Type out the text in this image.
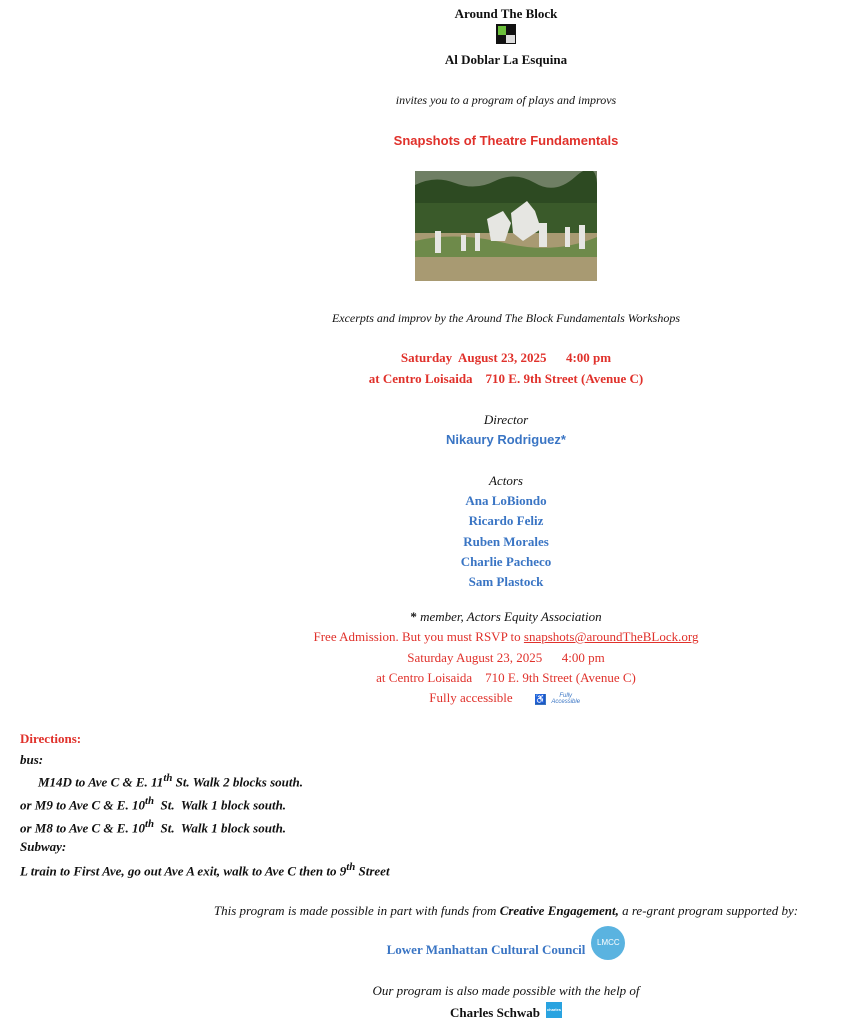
Around The Block
Al Doblar La Esquina
invites you to a program of plays and improvs
Snapshots of Theatre Fundamentals
Excerpts and improv by the Around The Block Fundamentals Workshops
Saturday  August 23, 2025      4:00 pm
at Centro Loisaida    710 E. 9th Street (Avenue C)
Director
Nikaury Rodriguez*
Actors
Ana LoBiondo
Ricardo Feliz
Ruben Morales
Charlie Pacheco
Sam Plastock
* member, Actors Equity Association
Free Admission. But you must RSVP to snapshots@aroundTheBLock.org
Saturday August 23, 2025      4:00 pm
at Centro Loisaida    710 E. 9th Street (Avenue C)
Fully accessible ♿	Fully Accessible
Directions:
bus:
M14D to Ave C & E. 11th St. Walk 2 blocks south.
or M9 to Ave C & E. 10th  St.  Walk 1 block south.
or M8 to Ave C & E. 10th  St.  Walk 1 block south.
Subway:
L train to First Ave, go out Ave A exit, walk to Ave C then to 9th Street
This program is made possible in part with funds from Creative Engagement, a re-grant program supported by:
Lower Manhattan Cultural Council LMCC
Our program is also made possible with the help of
Charles Schwab charles schwab
